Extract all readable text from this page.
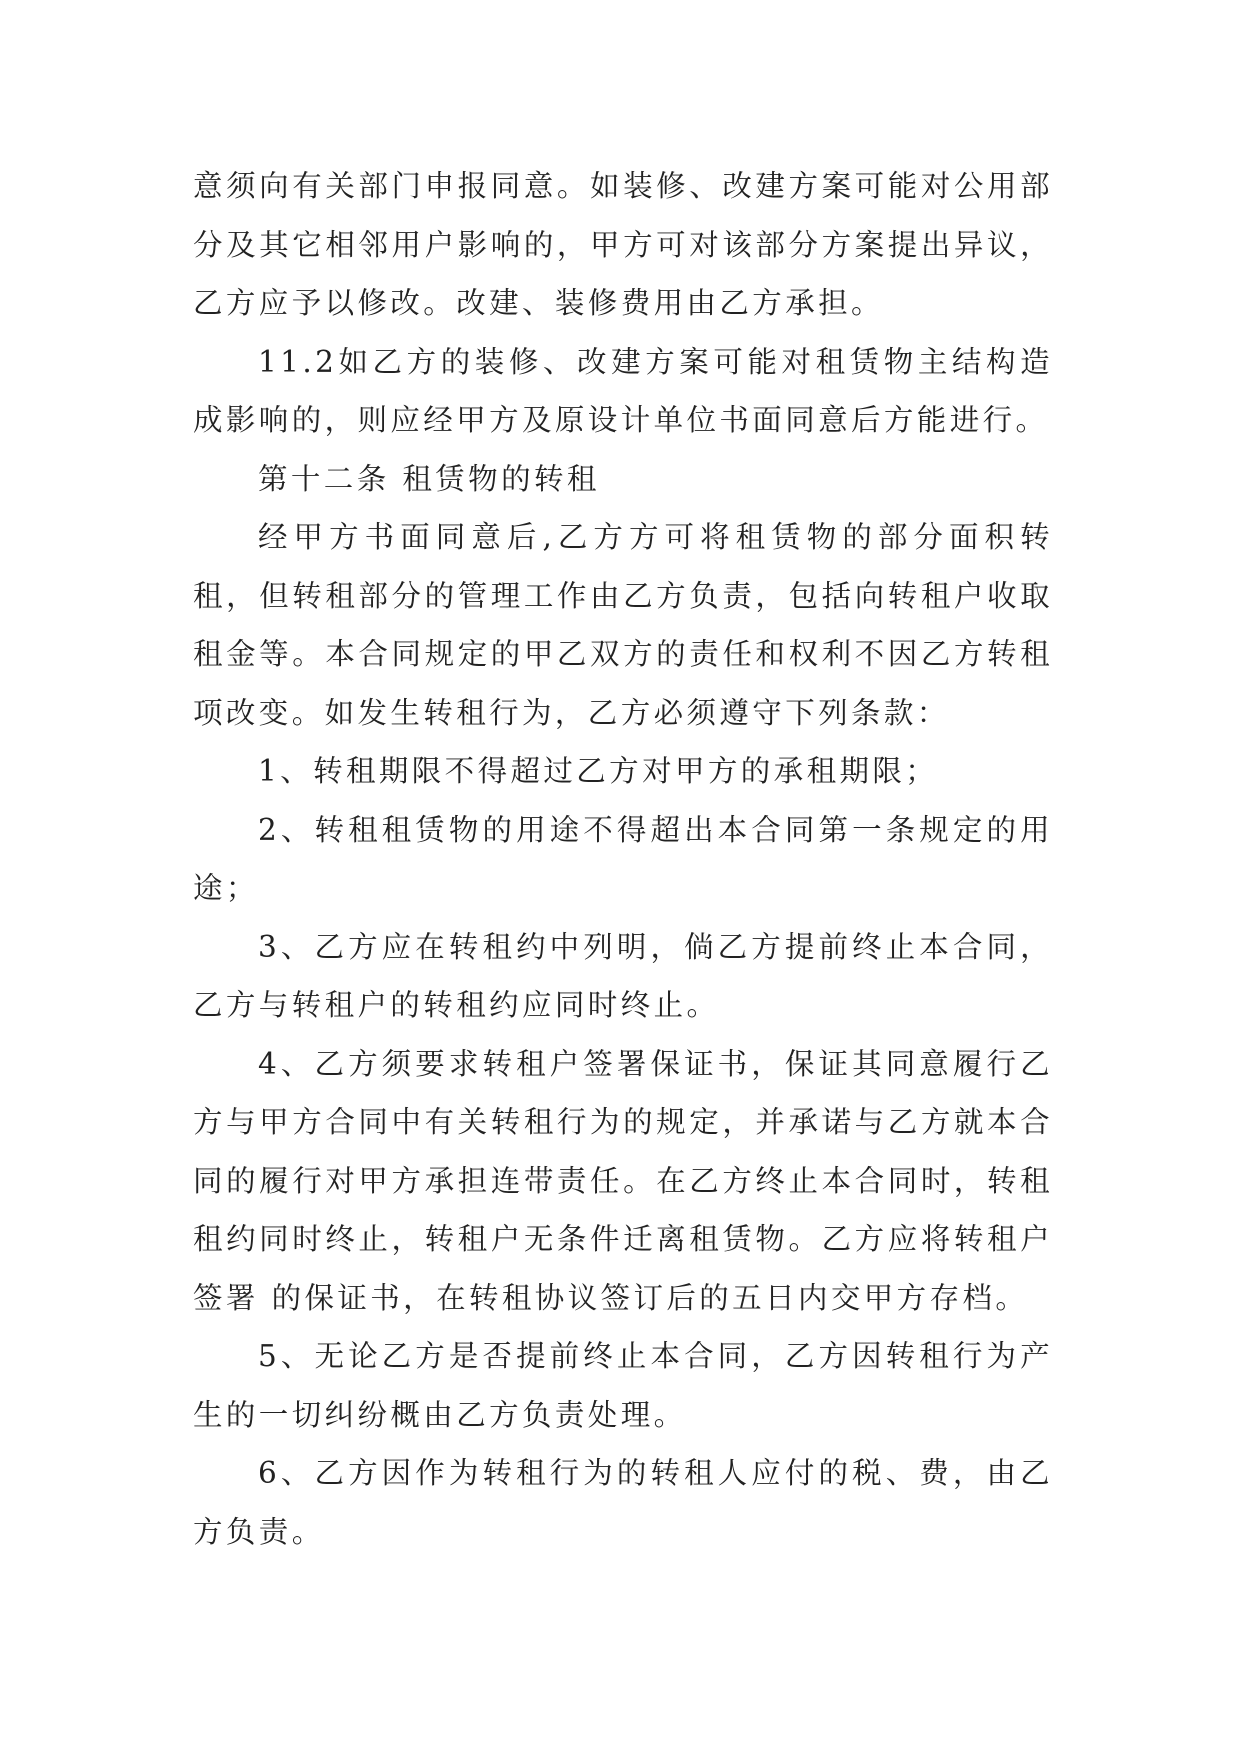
意须向有关部门申报同意。如装修、改建方案可能对公用部分及其它相邻用户影响的，甲方可对该部分方案提出异议，乙方应予以修改。改建、装修费用由乙方承担。

11.2如乙方的装修、改建方案可能对租赁物主结构造成影响的，则应经甲方及原设计单位书面同意后方能进行。

第十二条 租赁物的转租

经甲方书面同意后,乙方方可将租赁物的部分面积转租，但转租部分的管理工作由乙方负责，包括向转租户收取租金等。本合同规定的甲乙双方的责任和权利不因乙方转租项改变。如发生转租行为，乙方必须遵守下列条款：

1、转租期限不得超过乙方对甲方的承租期限；

2、转租租赁物的用途不得超出本合同第一条规定的用途；

3、乙方应在转租约中列明，倘乙方提前终止本合同，乙方与转租户的转租约应同时终止。

4、乙方须要求转租户签署保证书，保证其同意履行乙方与甲方合同中有关转租行为的规定，并承诺与乙方就本合同的履行对甲方承担连带责任。在乙方终止本合同时，转租租约同时终止，转租户无条件迁离租赁物。乙方应将转租户签署 的保证书，在转租协议签订后的五日内交甲方存档。

5、无论乙方是否提前终止本合同，乙方因转租行为产生的一切纠纷概由乙方负责处理。

6、乙方因作为转租行为的转租人应付的税、费，由乙方负责。
